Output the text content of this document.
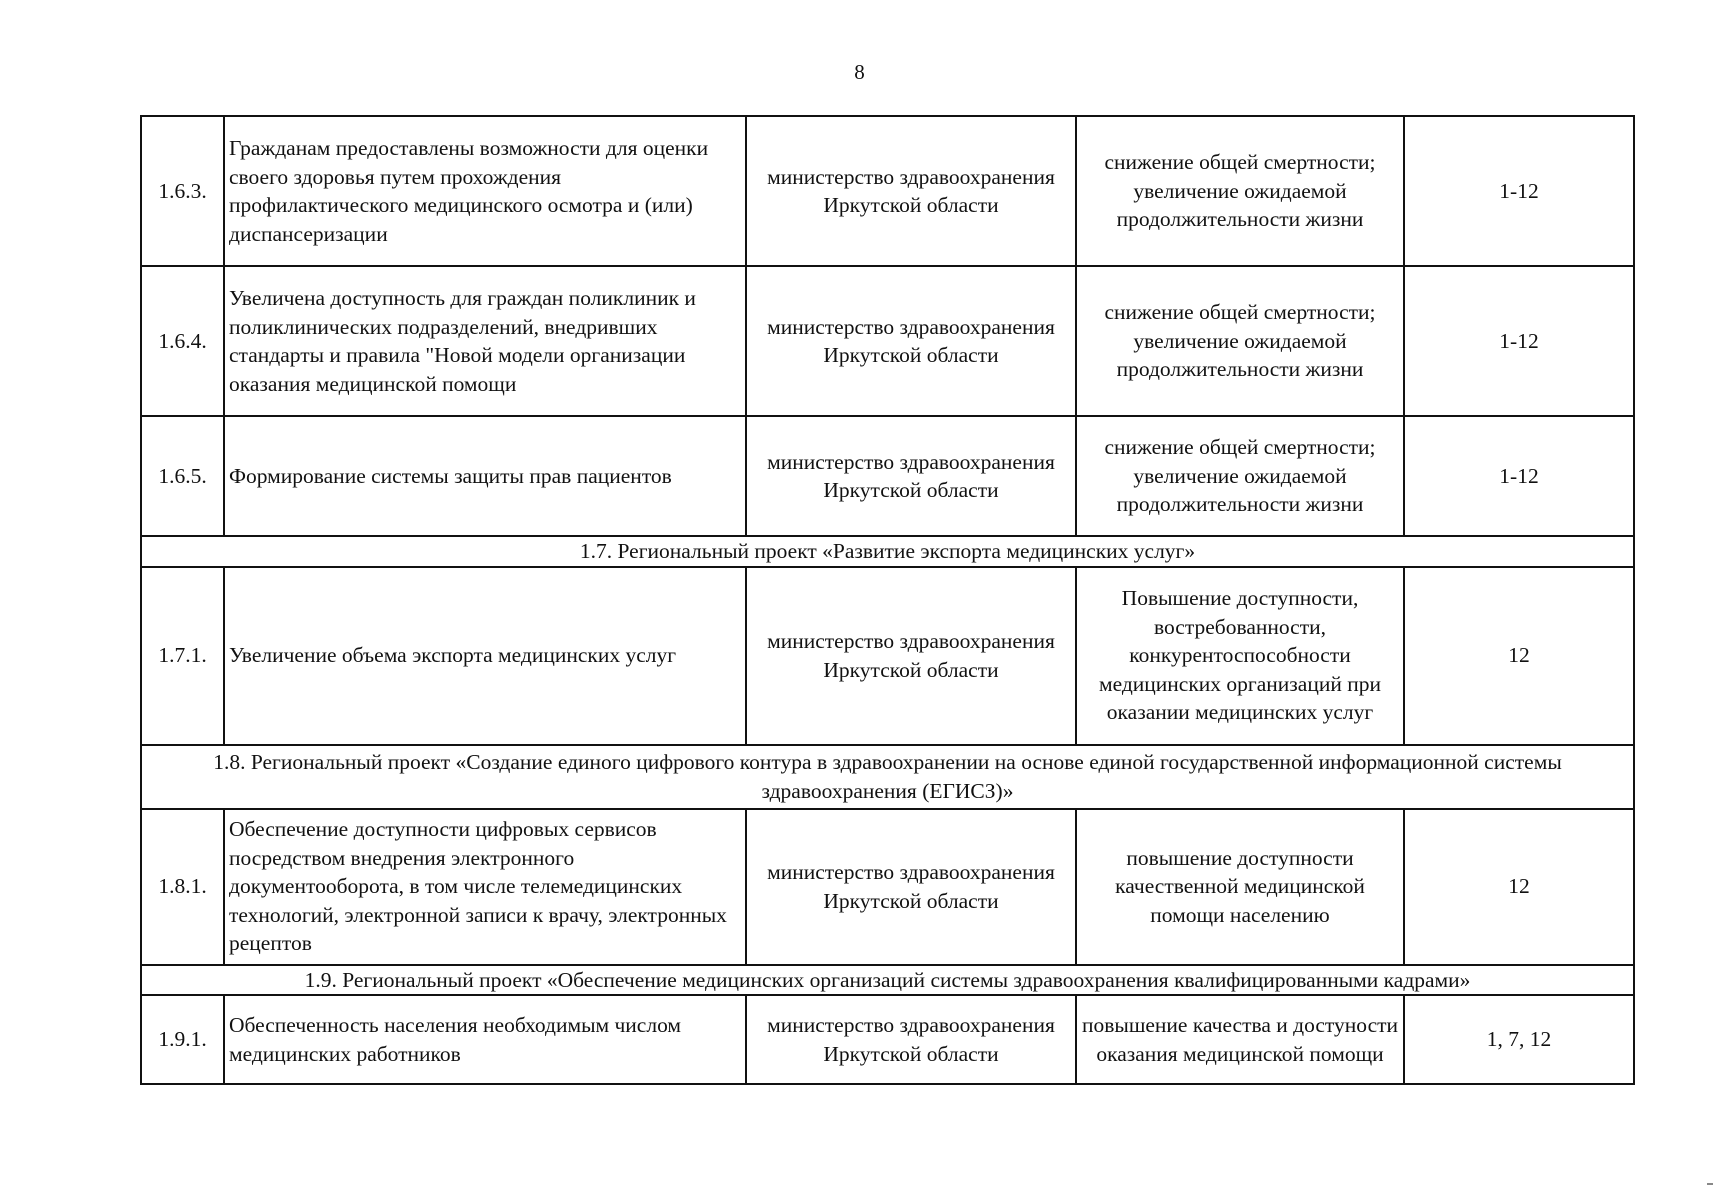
8
1.6.3.	Гражданам предоставлены возможности для оценки своего здоровья путем прохождения профилактического медицинского осмотра и (или) диспансеризации	министерство здравоохранения Иркутской области	снижение общей смертности; увеличение ожидаемой продолжительности жизни	1-12
1.6.4.	Увеличена доступность для граждан поликлиник и поликлинических подразделений, внедривших стандарты и правила "Новой модели организации оказания медицинской помощи	министерство здравоохранения Иркутской области	снижение общей смертности; увеличение ожидаемой продолжительности жизни	1-12
1.6.5.	Формирование системы защиты прав пациентов	министерство здравоохранения Иркутской области	снижение общей смертности; увеличение ожидаемой продолжительности жизни	1-12
1.7. Региональный проект «Развитие экспорта медицинских услуг»				
1.7.1.	Увеличение объема экспорта медицинских услуг	министерство здравоохранения Иркутской области	Повышение доступности, востребованности, конкурентоспособности медицинских организаций при оказании медицинских услуг	12
1.8. Региональный проект «Создание единого цифрового контура в здравоохранении на основе единой государственной информационной системы здравоохранения (ЕГИСЗ)»				
1.8.1.	Обеспечение доступности цифровых сервисов посредством внедрения электронного документооборота, в том числе телемедицинских технологий, электронной записи к врачу, электронных рецептов	министерство здравоохранения Иркутской области	повышение доступности качественной медицинской помощи населению	12
1.9. Региональный проект «Обеспечение медицинских организаций системы здравоохранения квалифицированными кадрами»				
1.9.1.	Обеспеченность населения необходимым числом медицинских работников	министерство здравоохранения Иркутской области	повышение качества и достуности оказания медицинской помощи	1, 7, 12
